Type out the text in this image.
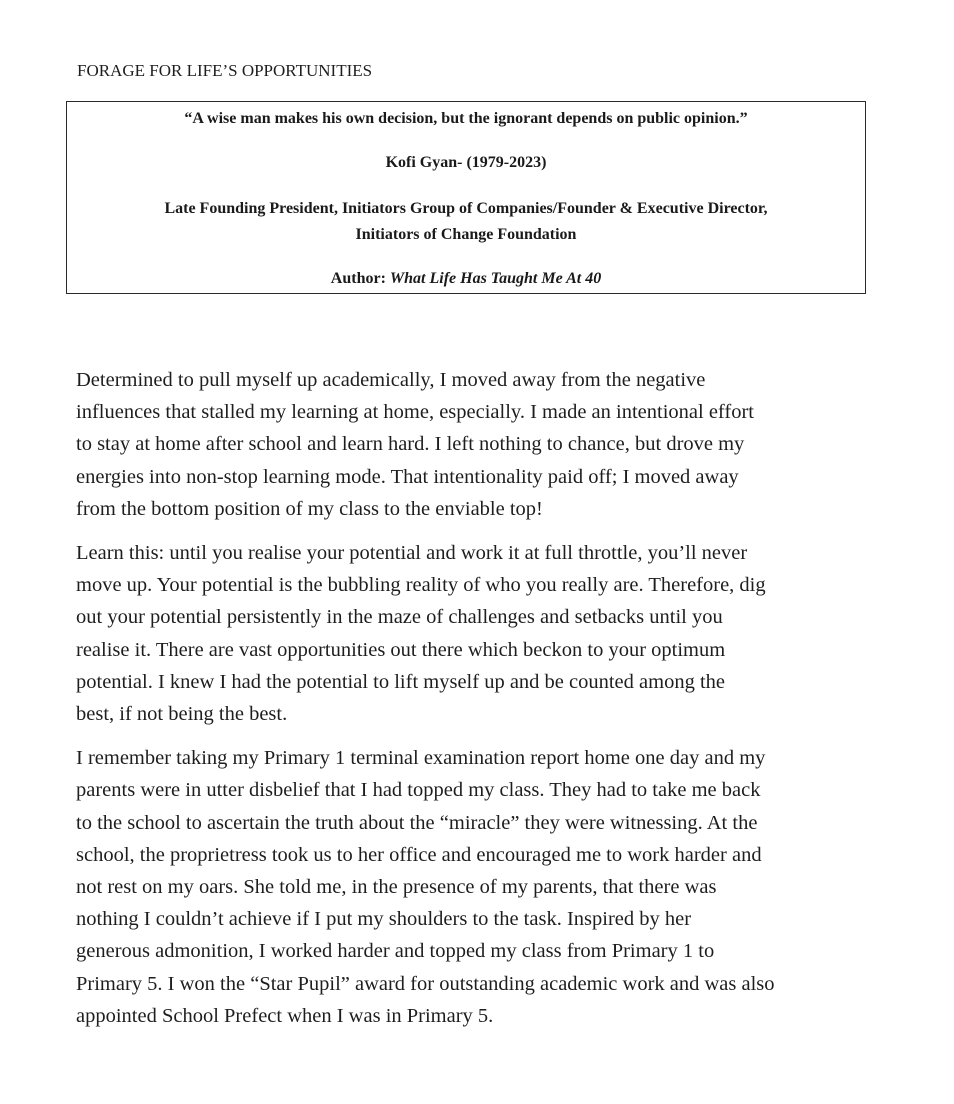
FORAGE FOR LIFE’S OPPORTUNITIES
“A wise man makes his own decision, but the ignorant depends on public opinion.”
Kofi Gyan- (1979-2023)
Late Founding President, Initiators Group of Companies/Founder & Executive Director,
Initiators of Change Foundation
Author: What Life Has Taught Me At 40

Determined to pull myself up academically, I moved away from the negative
influences that stalled my learning at home, especially. I made an intentional effort
to stay at home after school and learn hard. I left nothing to chance, but drove my
energies into non-stop learning mode. That intentionality paid off; I moved away
from the bottom position of my class to the enviable top!

Learn this: until you realise your potential and work it at full throttle, you’ll never
move up. Your potential is the bubbling reality of who you really are. Therefore, dig
out your potential persistently in the maze of challenges and setbacks until you
realise it. There are vast opportunities out there which beckon to your optimum
potential. I knew I had the potential to lift myself up and be counted among the
best, if not being the best.

I remember taking my Primary 1 terminal examination report home one day and my
parents were in utter disbelief that I had topped my class. They had to take me back
to the school to ascertain the truth about the “miracle” they were witnessing. At the
school, the proprietress took us to her office and encouraged me to work harder and
not rest on my oars. She told me, in the presence of my parents, that there was
nothing I couldn’t achieve if I put my shoulders to the task. Inspired by her
generous admonition, I worked harder and topped my class from Primary 1 to
Primary 5. I won the “Star Pupil” award for outstanding academic work and was also
appointed School Prefect when I was in Primary 5.
